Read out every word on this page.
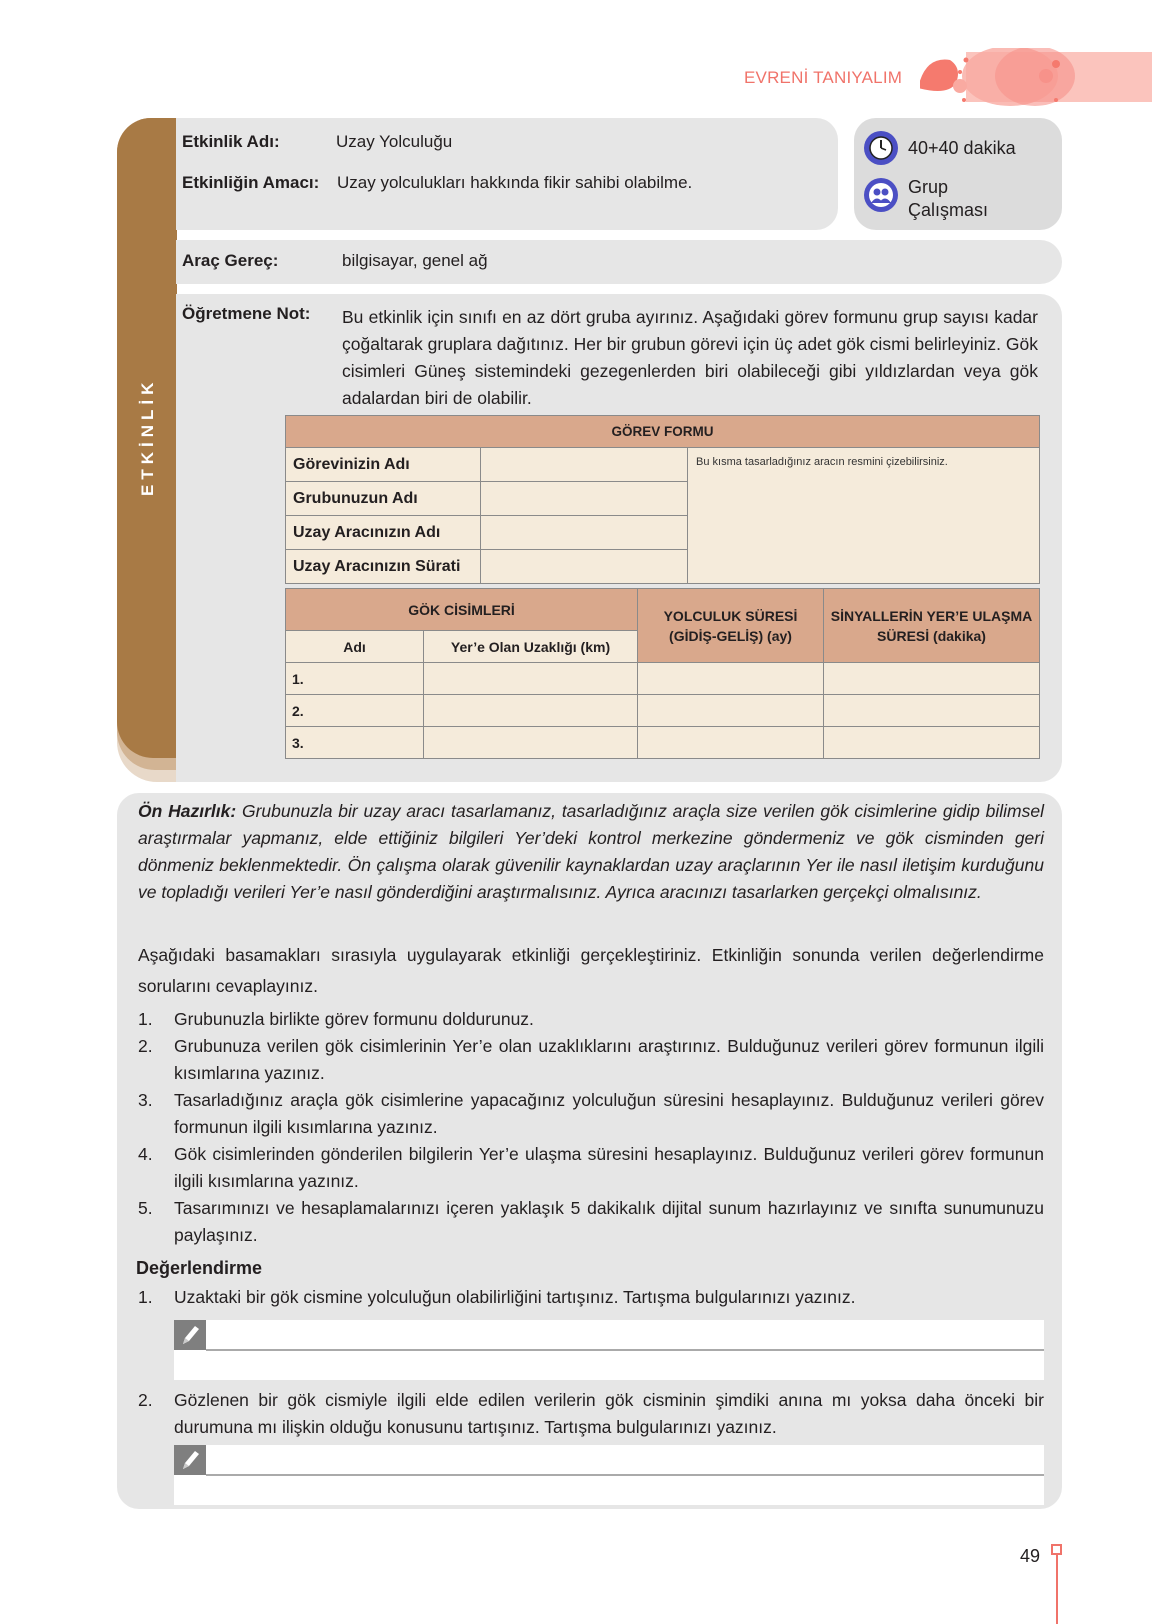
EVRENİ TANIYALIM
ETKİNLİK
Etkinlik Adı:	Uzay Yolculuğu
Etkinliğin Amacı: Uzay yolculukları hakkında fikir sahibi olabilme.
40+40 dakika
Grup
Çalışması
Araç Gereç:	bilgisayar, genel ağ
Öğretmene Not: Bu etkinlik için sınıfı en az dört gruba ayırınız. Aşağıdaki görev formunu grup sayısı kadar çoğaltarak gruplara dağıtınız. Her bir grubun görevi için üç adet gök cismi belirleyiniz. Gök cisimleri Güneş sistemindeki gezegenlerden biri olabileceği gibi yıldızlardan veya gök adalardan biri de olabilir.
GÖREV FORMU		
Görevinizin Adı		Bu kısma tasarladığınız aracın resmini çizebilirsiniz.
Grubunuzun Adı		
Uzay Aracınızın Adı		
Uzay Aracınızın Sürati		
GÖK CİSİMLERİ		YOLCULUK SÜRESİ (GİDİŞ-GELİŞ) (ay)	SİNYALLERİN YER’E ULAŞMA SÜRESİ (dakika)
Adı	Yer’e Olan Uzaklığı (km)		
1.			
2.			
3.			
Ön Hazırlık: Grubunuzla bir uzay aracı tasarlamanız, tasarladığınız araçla size verilen gök cisimlerine gidip bilimsel araştırmalar yapmanız, elde ettiğiniz bilgileri Yer’deki kontrol merkezine göndermeniz ve gök cisminden geri dönmeniz beklenmektedir. Ön çalışma olarak güvenilir kaynaklardan uzay araçlarının Yer ile nasıl iletişim kurduğunu ve topladığı verileri Yer’e nasıl gönderdiğini araştırmalısınız. Ayrıca aracınızı tasarlarken gerçekçi olmalısınız.
Aşağıdaki basamakları sırasıyla uygulayarak etkinliği gerçekleştiriniz. Etkinliğin sonunda verilen değerlendirme sorularını cevaplayınız.
1.	Grubunuzla birlikte görev formunu doldurunuz.
2.	Grubunuza verilen gök cisimlerinin Yer’e olan uzaklıklarını araştırınız. Bulduğunuz verileri görev formunun ilgili kısımlarına yazınız.
3.	Tasarladığınız araçla gök cisimlerine yapacağınız yolculuğun süresini hesaplayınız. Bulduğunuz verileri görev formunun ilgili kısımlarına yazınız.
4.	Gök cisimlerinden gönderilen bilgilerin Yer’e ulaşma süresini hesaplayınız. Bulduğunuz verileri görev formunun ilgili kısımlarına yazınız.
5.	Tasarımınızı ve hesaplamalarınızı içeren yaklaşık 5 dakikalık dijital sunum hazırlayınız ve sınıfta sunumunuzu paylaşınız.
Değerlendirme
1.	Uzaktaki bir gök cismine yolculuğun olabilirliğini tartışınız. Tartışma bulgularınızı yazınız.
2.	Gözlenen bir gök cismiyle ilgili elde edilen verilerin gök cisminin şimdiki anına mı yoksa daha önceki bir durumuna mı ilişkin olduğu konusunu tartışınız. Tartışma bulgularınızı yazınız.
49
